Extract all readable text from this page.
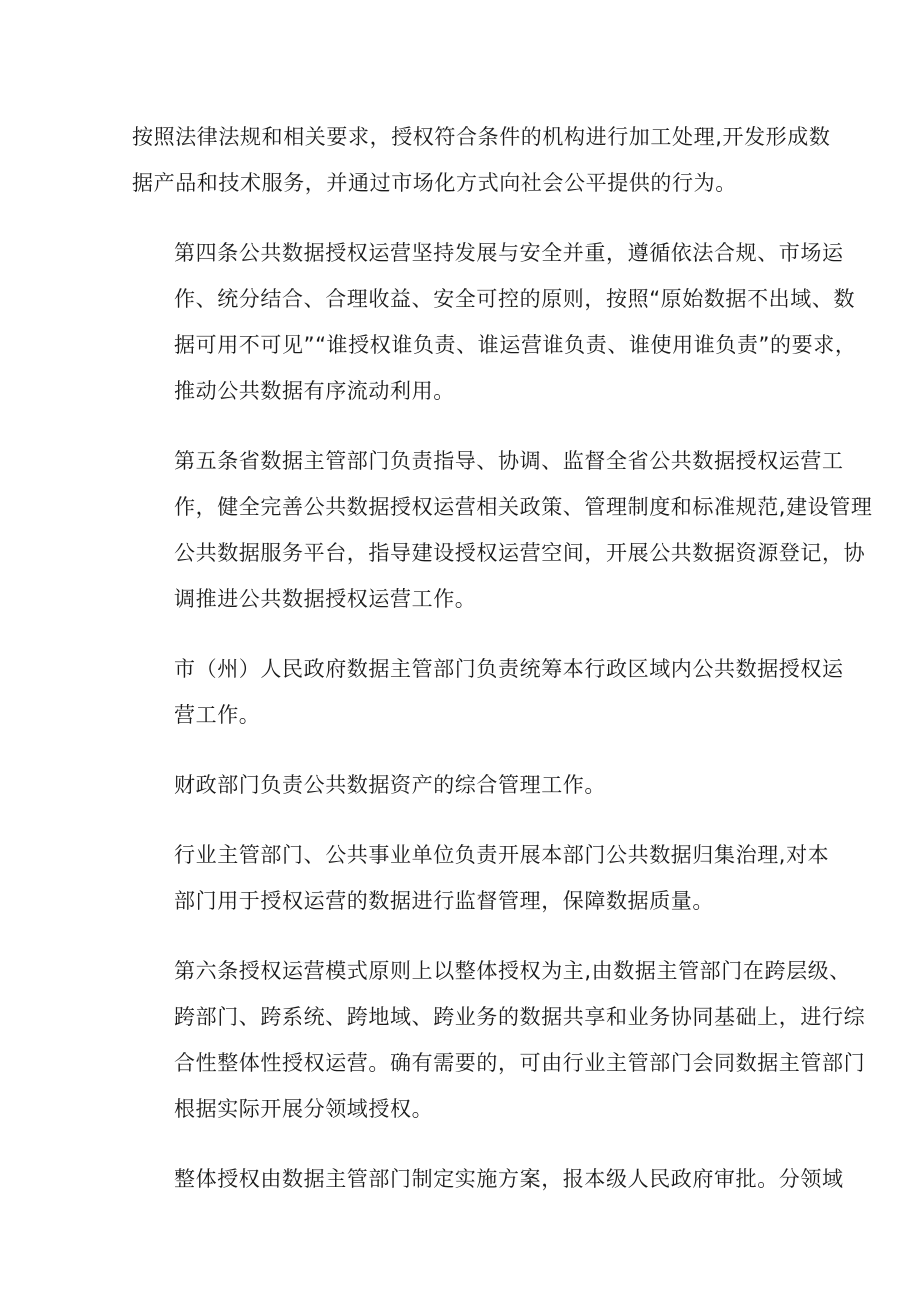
按照法律法规和相关要求，授权符合条件的机构进行加工处理,开发形成数
据产品和技术服务，并通过市场化方式向社会公平提供的行为。

第四条公共数据授权运营坚持发展与安全并重，遵循依法合规、市场运
作、统分结合、合理收益、安全可控的原则，按照“原始数据不出域、数
据可用不可见”“谁授权谁负责、谁运营谁负责、谁使用谁负责”的要求，
推动公共数据有序流动利用。

第五条省数据主管部门负责指导、协调、监督全省公共数据授权运营工
作，健全完善公共数据授权运营相关政策、管理制度和标准规范,建设管理
公共数据服务平台，指导建设授权运营空间，开展公共数据资源登记，协
调推进公共数据授权运营工作。

市（州）人民政府数据主管部门负责统筹本行政区域内公共数据授权运
营工作。

财政部门负责公共数据资产的综合管理工作。

行业主管部门、公共事业单位负责开展本部门公共数据归集治理,对本
部门用于授权运营的数据进行监督管理，保障数据质量。

第六条授权运营模式原则上以整体授权为主,由数据主管部门在跨层级、
跨部门、跨系统、跨地域、跨业务的数据共享和业务协同基础上，进行综
合性整体性授权运营。确有需要的，可由行业主管部门会同数据主管部门
根据实际开展分领域授权。

整体授权由数据主管部门制定实施方案，报本级人民政府审批。分领域
